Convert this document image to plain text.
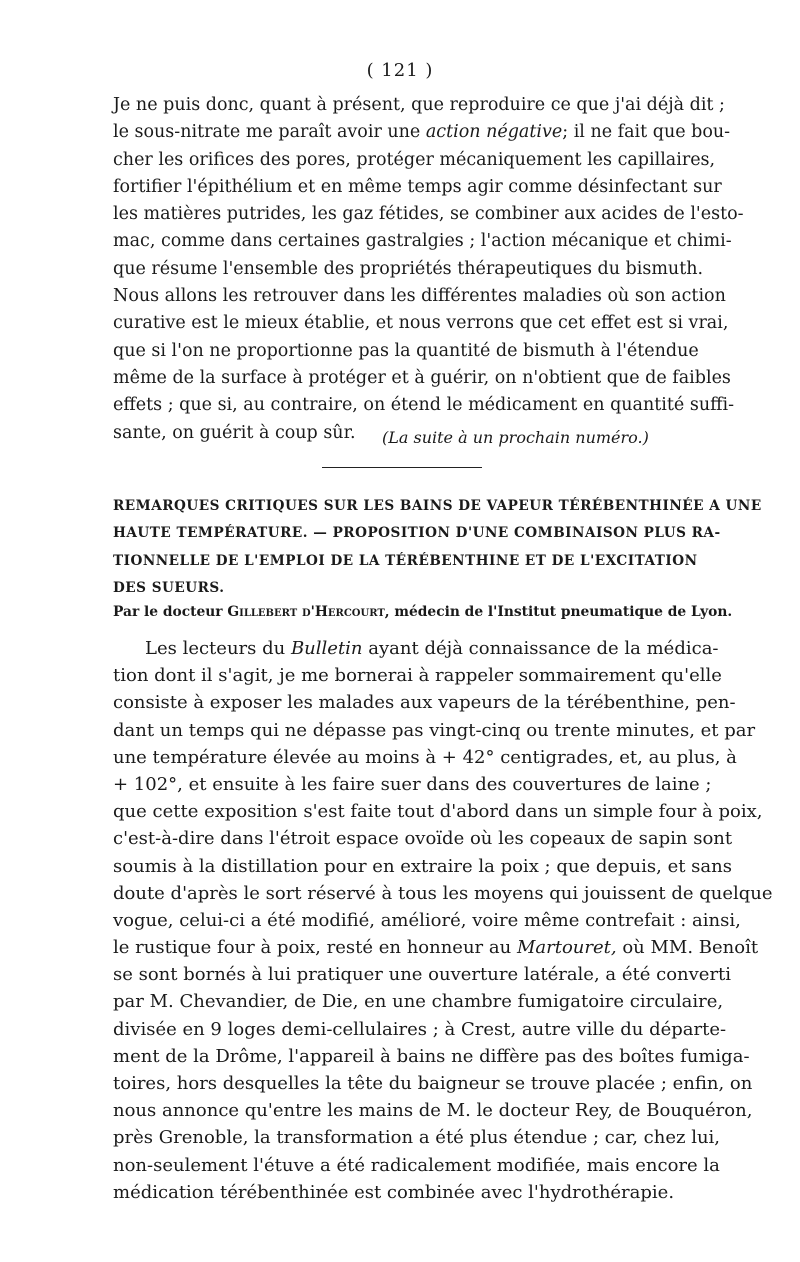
( 121 )
Je ne puis donc, quant à présent, que reproduire ce que j'ai déjà dit ;
le sous-nitrate me paraît avoir une action négative; il ne fait que bou-
cher les orifices des pores, protéger mécaniquement les capillaires,
fortifier l'épithélium et en même temps agir comme désinfectant sur
les matières putrides, les gaz fétides, se combiner aux acides de l'esto-
mac, comme dans certaines gastralgies ; l'action mécanique et chimi-
que résume l'ensemble des propriétés thérapeutiques du bismuth.
Nous allons les retrouver dans les différentes maladies où son action
curative est le mieux établie, et nous verrons que cet effet est si vrai,
que si l'on ne proportionne pas la quantité de bismuth à l'étendue
même de la surface à protéger et à guérir, on n'obtient que de faibles
effets ; que si, au contraire, on étend le médicament en quantité suffi-
sante, on guérit à coup sûr.	(La suite à un prochain numéro.)
REMARQUES CRITIQUES SUR LES BAINS DE VAPEUR TÉRÉBENTHINÉE A UNE
HAUTE TEMPÉRATURE. — PROPOSITION D'UNE COMBINAISON PLUS RA-
TIONNELLE DE L'EMPLOI DE LA TÉRÉBENTHINE ET DE L'EXCITATION
DES SUEURS.
Par le docteur Gillebert d'Hercourt, médecin de l'Institut pneumatique de Lyon.
Les lecteurs du Bulletin ayant déjà connaissance de la médica-
tion dont il s'agit, je me bornerai à rappeler sommairement qu'elle
consiste à exposer les malades aux vapeurs de la térébenthine, pen-
dant un temps qui ne dépasse pas vingt-cinq ou trente minutes, et par
une température élevée au moins à + 42° centigrades, et, au plus, à
+ 102°, et ensuite à les faire suer dans des couvertures de laine ;
que cette exposition s'est faite tout d'abord dans un simple four à poix,
c'est-à-dire dans l'étroit espace ovoïde où les copeaux de sapin sont
soumis à la distillation pour en extraire la poix ; que depuis, et sans
doute d'après le sort réservé à tous les moyens qui jouissent de quelque
vogue, celui-ci a été modifié, amélioré, voire même contrefait : ainsi,
le rustique four à poix, resté en honneur au Martouret, où MM. Benoît
se sont bornés à lui pratiquer une ouverture latérale, a été converti
par M. Chevandier, de Die, en une chambre fumigatoire circulaire,
divisée en 9 loges demi-cellulaires ; à Crest, autre ville du départe-
ment de la Drôme, l'appareil à bains ne diffère pas des boîtes fumiga-
toires, hors desquelles la tête du baigneur se trouve placée ; enfin, on
nous annonce qu'entre les mains de M. le docteur Rey, de Bouquéron,
près Grenoble, la transformation a été plus étendue ; car, chez lui,
non-seulement l'étuve a été radicalement modifiée, mais encore la
médication térébenthinée est combinée avec l'hydrothérapie.
